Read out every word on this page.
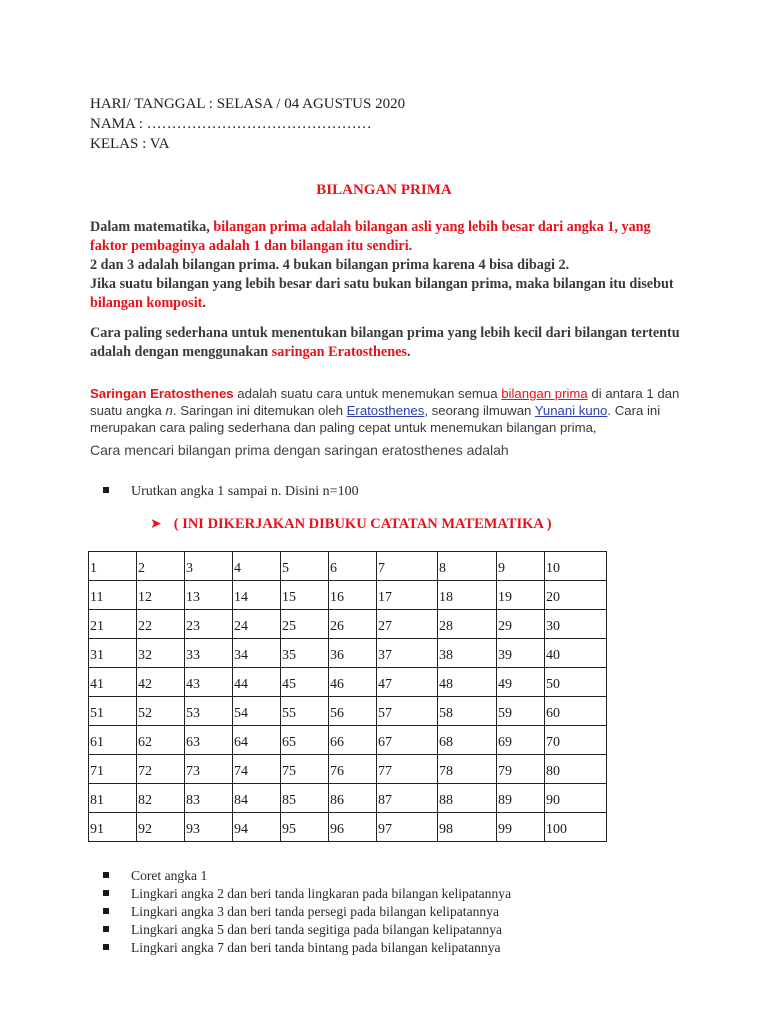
HARI/ TANGGAL : SELASA / 04 AGUSTUS 2020
NAMA : ………………………………………
KELAS : VA
BILANGAN PRIMA
Dalam matematika, bilangan prima adalah bilangan asli yang lebih besar dari angka 1, yang faktor pembaginya adalah 1 dan bilangan itu sendiri.
2 dan 3 adalah bilangan prima. 4 bukan bilangan prima karena 4 bisa dibagi 2.
Jika suatu bilangan yang lebih besar dari satu bukan bilangan prima, maka bilangan itu disebut bilangan komposit.
Cara paling sederhana untuk menentukan bilangan prima yang lebih kecil dari bilangan tertentu adalah dengan menggunakan saringan Eratosthenes.
Saringan Eratosthenes adalah suatu cara untuk menemukan semua bilangan prima di antara 1 dan suatu angka n. Saringan ini ditemukan oleh Eratosthenes, seorang ilmuwan Yunani kuno. Cara ini merupakan cara paling sederhana dan paling cepat untuk menemukan bilangan prima,
Cara mencari bilangan prima dengan saringan eratosthenes adalah
Urutkan angka 1 sampai n. Disini n=100
➤ ( INI DIKERJAKAN DIBUKU CATATAN MATEMATIKA )
1	2	3	4	5	6	7	8	9	10
11	12	13	14	15	16	17	18	19	20
21	22	23	24	25	26	27	28	29	30
31	32	33	34	35	36	37	38	39	40
41	42	43	44	45	46	47	48	49	50
51	52	53	54	55	56	57	58	59	60
61	62	63	64	65	66	67	68	69	70
71	72	73	74	75	76	77	78	79	80
81	82	83	84	85	86	87	88	89	90
91	92	93	94	95	96	97	98	99	100
Coret angka 1
Lingkari angka 2 dan beri tanda lingkaran pada bilangan kelipatannya
Lingkari angka 3 dan beri tanda persegi pada bilangan kelipatannya
Lingkari angka 5 dan beri tanda segitiga pada bilangan kelipatannya
Lingkari angka 7 dan beri tanda bintang pada bilangan kelipatannya
